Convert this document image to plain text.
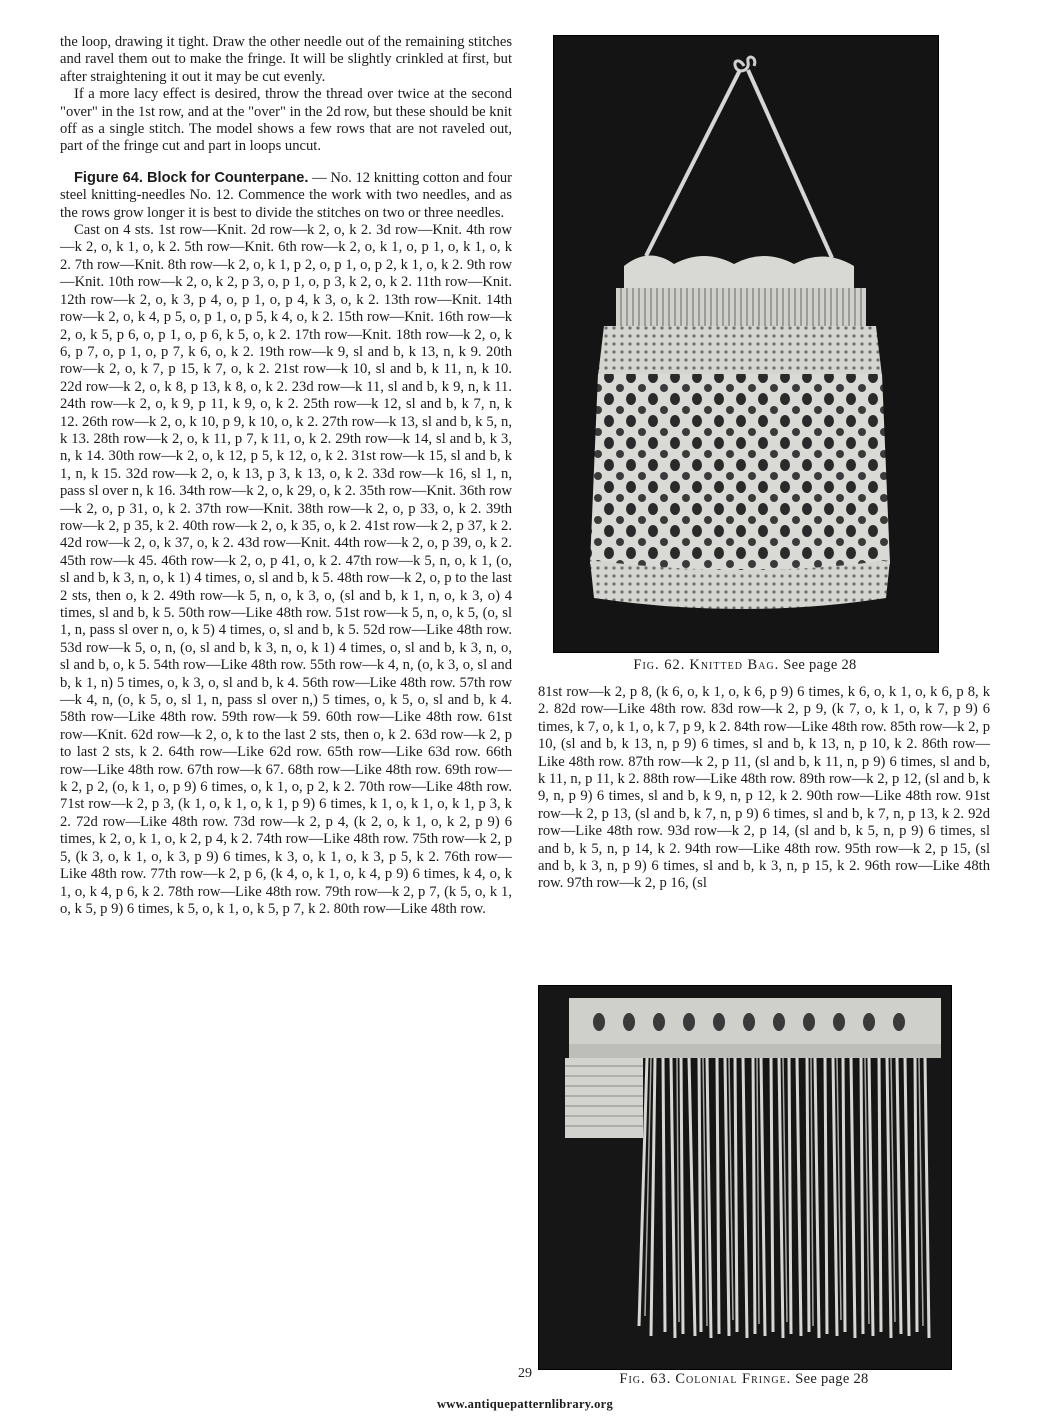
the loop, drawing it tight. Draw the other needle out of the remaining stitches and ravel them out to make the fringe. It will be slightly crinkled at first, but after straightening it out it may be cut evenly.

If a more lacy effect is desired, throw the thread over twice at the second "over" in the 1st row, and at the "over" in the 2d row, but these should be knit off as a single stitch. The model shows a few rows that are not raveled out, part of the fringe cut and part in loops uncut.

Figure 64. Block for Counterpane. — No. 12 knitting cotton and four steel knitting-needles No. 12. Commence the work with two needles, and as the rows grow longer it is best to divide the stitches on two or three needles.

Cast on 4 sts. 1st row—Knit. 2d row—k 2, o, k 2. 3d row—Knit. 4th row—k 2, o, k 1, o, k 2. 5th row—Knit. 6th row—k 2, o, k 1, o, p 1, o, k 1, o, k 2. 7th row—Knit. 8th row—k 2, o, k 1, p 2, o, p 1, o, p 2, k 1, o, k 2. 9th row—Knit. 10th row—k 2, o, k 2, p 3, o, p 1, o, p 3, k 2, o, k 2. 11th row—Knit. 12th row—k 2, o, k 3, p 4, o, p 1, o, p 4, k 3, o, k 2. 13th row—Knit. 14th row—k 2, o, k 4, p 5, o, p 1, o, p 5, k 4, o, k 2. 15th row—Knit. 16th row—k 2, o, k 5, p 6, o, p 1, o, p 6, k 5, o, k 2. 17th row—Knit. 18th row—k 2, o, k 6, p 7, o, p 1, o, p 7, k 6, o, k 2. 19th row—k 9, sl and b, k 13, n, k 9. 20th row—k 2, o, k 7, p 15, k 7, o, k 2. 21st row—k 10, sl and b, k 11, n, k 10. 22d row—k 2, o, k 8, p 13, k 8, o, k 2. 23d row—k 11, sl and b, k 9, n, k 11. 24th row—k 2, o, k 9, p 11, k 9, o, k 2. 25th row—k 12, sl and b, k 7, n, k 12. 26th row—k 2, o, k 10, p 9, k 10, o, k 2. 27th row—k 13, sl and b, k 5, n, k 13. 28th row—k 2, o, k 11, p 7, k 11, o, k 2. 29th row—k 14, sl and b, k 3, n, k 14. 30th row—k 2, o, k 12, p 5, k 12, o, k 2. 31st row—k 15, sl and b, k 1, n, k 15. 32d row—k 2, o, k 13, p 3, k 13, o, k 2. 33d row—k 16, sl 1, n, pass sl over n, k 16. 34th row—k 2, o, k 29, o, k 2. 35th row—Knit. 36th row—k 2, o, p 31, o, k 2. 37th row—Knit. 38th row—k 2, o, p 33, o, k 2. 39th row—k 2, p 35, k 2. 40th row—k 2, o, k 35, o, k 2. 41st row—k 2, p 37, k 2. 42d row—k 2, o, k 37, o, k 2. 43d row—Knit. 44th row—k 2, o, p 39, o, k 2. 45th row—k 45. 46th row—k 2, o, p 41, o, k 2. 47th row—k 5, n, o, k 1, (o, sl and b, k 3, n, o, k 1) 4 times, o, sl and b, k 5. 48th row—k 2, o, p to the last 2 sts, then o, k 2. 49th row—k 5, n, o, k 3, o, (sl and b, k 1, n, o, k 3, o) 4 times, sl and b, k 5. 50th row—Like 48th row. 51st row—k 5, n, o, k 5, (o, sl 1, n, pass sl over n, o, k 5) 4 times, o, sl and b, k 5. 52d row—Like 48th row. 53d row—k 5, o, n, (o, sl and b, k 3, n, o, k 1) 4 times, o, sl and b, k 3, n, o, sl and b, o, k 5. 54th row—Like 48th row. 55th row—k 4, n, (o, k 3, o, sl and b, k 1, n) 5 times, o, k 3, o, sl and b, k 4. 56th row—Like 48th row. 57th row—k 4, n, (o, k 5, o, sl 1, n, pass sl over n,) 5 times, o, k 5, o, sl and b, k 4. 58th row—Like 48th row. 59th row—k 59. 60th row—Like 48th row. 61st row—Knit. 62d row—k 2, o, k to the last 2 sts, then o, k 2. 63d row—k 2, p to last 2 sts, k 2. 64th row—Like 62d row. 65th row—Like 63d row. 66th row—Like 48th row. 67th row—k 67. 68th row—Like 48th row. 69th row—k 2, p 2, (o, k 1, o, p 9) 6 times, o, k 1, o, p 2, k 2. 70th row—Like 48th row. 71st row—k 2, p 3, (k 1, o, k 1, o, k 1, p 9) 6 times, k 1, o, k 1, o, k 1, p 3, k 2. 72d row—Like 48th row. 73d row—k 2, p 4, (k 2, o, k 1, o, k 2, p 9) 6 times, k 2, o, k 1, o, k 2, p 4, k 2. 74th row—Like 48th row. 75th row—k 2, p 5, (k 3, o, k 1, o, k 3, p 9) 6 times, k 3, o, k 1, o, k 3, p 5, k 2. 76th row—Like 48th row. 77th row—k 2, p 6, (k 4, o, k 1, o, k 4, p 9) 6 times, k 4, o, k 1, o, k 4, p 6, k 2. 78th row—Like 48th row. 79th row—k 2, p 7, (k 5, o, k 1, o, k 5, p 9) 6 times, k 5, o, k 1, o, k 5, p 7, k 2. 80th row—Like 48th row.

Fig. 62. Knitted Bag. See page 28

81st row—k 2, p 8, (k 6, o, k 1, o, k 6, p 9) 6 times, k 6, o, k 1, o, k 6, p 8, k 2. 82d row—Like 48th row. 83d row—k 2, p 9, (k 7, o, k 1, o, k 7, p 9) 6 times, k 7, o, k 1, o, k 7, p 9, k 2. 84th row—Like 48th row. 85th row—k 2, p 10, (sl and b, k 13, n, p 9) 6 times, sl and b, k 13, n, p 10, k 2. 86th row—Like 48th row. 87th row—k 2, p 11, (sl and b, k 11, n, p 9) 6 times, sl and b, k 11, n, p 11, k 2. 88th row—Like 48th row. 89th row—k 2, p 12, (sl and b, k 9, n, p 9) 6 times, sl and b, k 9, n, p 12, k 2. 90th row—Like 48th row. 91st row—k 2, p 13, (sl and b, k 7, n, p 9) 6 times, sl and b, k 7, n, p 13, k 2. 92d row—Like 48th row. 93d row—k 2, p 14, (sl and b, k 5, n, p 9) 6 times, sl and b, k 5, n, p 14, k 2. 94th row—Like 48th row. 95th row—k 2, p 15, (sl and b, k 3, n, p 9) 6 times, sl and b, k 3, n, p 15, k 2. 96th row—Like 48th row. 97th row—k 2, p 16, (sl

Fig. 63. Colonial Fringe. See page 28
29
www.antiquepatternlibrary.org
